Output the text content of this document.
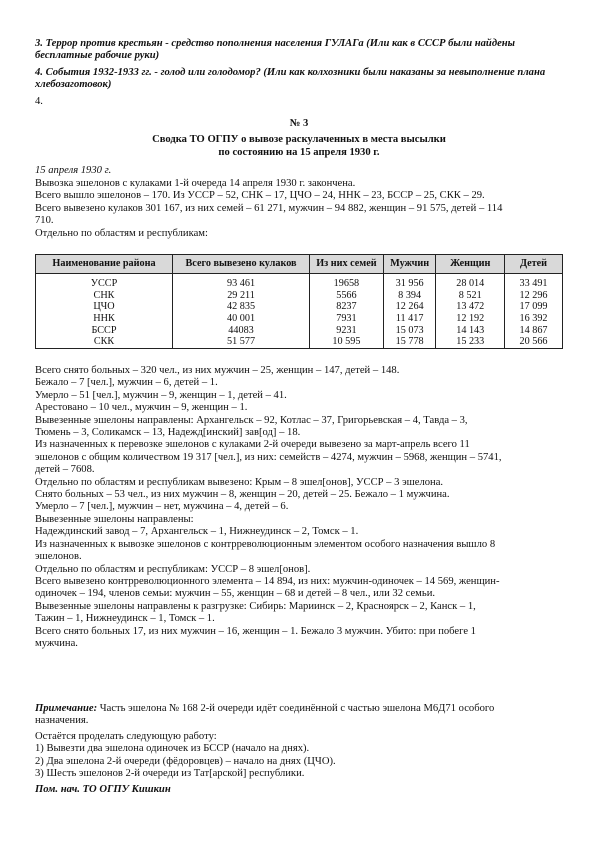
3. Террор против крестьян - средство пополнения населения ГУЛАГа (Или как в СССР были найдены бесплатные рабочие руки)
4. События 1932-1933 гг. - голод или голодомор? (Или как колхозники были наказаны за невыполнение плана хлебозаготовок)
4.
№ 3
Сводка ТО ОГПУ о вывозе раскулаченных в места высылки
по состоянию на 15 апреля 1930 г.
15 апреля 1930 г.
Вывозка эшелонов с кулаками 1-й очереда 14 апреля 1930 г. закончена.
Всего вышло эшелонов – 170. Из УССР – 52, СНК – 17, ЦЧО – 24, ННК – 23, БССР – 25, СКК – 29.
Всего вывезено кулаков 301 167, из них семей – 61 271, мужчин – 94 882, женщин – 91 575, детей – 114
710.
Отдельно по областям и республикам:
Наименование района	Всего вывезено кулаков	Из них семей	Мужчин	Женщин	Детей
УССР	93 461	19658	31 956	28 014	33 491
СНК	29 211	5566	8 394	8 521	12 296
ЦЧО	42 835	8237	12 264	13 472	17 099
ННК	40 001	7931	11 417	12 192	16 392
БССР	44083	9231	15 073	14 143	14 867
СКК	51 577	10 595	15 778	15 233	20 566
Всего снято больных – 320 чел., из них мужчин – 25, женщин – 147, детей – 148.
Бежало – 7 [чел.], мужчин – 6, детей – 1.
Умерло – 51 [чел.], мужчин – 9, женщин – 1, детей – 41.
Арестовано – 10 чел., мужчин – 9, женщин – 1.
Вывезенные эшелоны направлены: Архангельск – 92, Котлас – 37, Григорьевская – 4, Тавда – 3,
Тюмень – 3, Соликамск – 13, Надежд[инский] зав[од] – 18.
Из назначенных к перевозке эшелонов с кулаками 2-й очереди вывезено за март-апрель всего 11
эшелонов с общим количеством 19 317 [чел.], из них: семейств – 4274, мужчин – 5968, женщин – 5741,
детей – 7608.
Отдельно по областям и республикам вывезено: Крым – 8 эшел[онов], УССР – 3 эшелона.
Снято больных – 53 чел., из них мужчин – 8, женщин – 20, детей – 25. Бежало – 1 мужчина.
Умерло – 7 [чел.], мужчин – нет, мужчина – 4, детей – 6.
Вывезенные эшелоны направлены:
Надеждинский завод – 7, Архангельск – 1, Нижнеудинск – 2, Томск – 1.
Из назначенных к вывозке эшелонов с контрреволюционным элементом особого назначения вышло 8
эшелонов.
Отдельно по областям и республикам: УССР – 8 эшел[онов].
Всего вывезено контрреволюционного элемента – 14 894, из них: мужчин-одиночек – 14 569, женщин-
одиночек – 194, членов семьи: мужчин – 55, женщин – 68 и детей – 8 чел., или 32 семьи.
Вывезенные эшелоны направлены к разгрузке: Сибирь: Мариинск – 2, Красноярск – 2, Канск – 1,
Тажин – 1, Нижнеудинск – 1, Томск – 1.
Всего снято больных 17, из них мужчин – 16, женщин – 1. Бежало 3 мужчин. Убито: при побеге 1
мужчина.
Примечание: Часть эшелона № 168 2-й очереди идёт соединённой с частью эшелона М6Д71 особого
назначения.
Остаётся проделать следующую работу:
1) Вывезти два эшелона одиночек из БССР (начало на днях).
2) Два эшелона 2-й очереди (фёдоровцев) – начало на днях (ЦЧО).
3) Шесть эшелонов 2-й очереди из Тат[арской] республики.
Пом. нач. ТО ОГПУ Кишкин
